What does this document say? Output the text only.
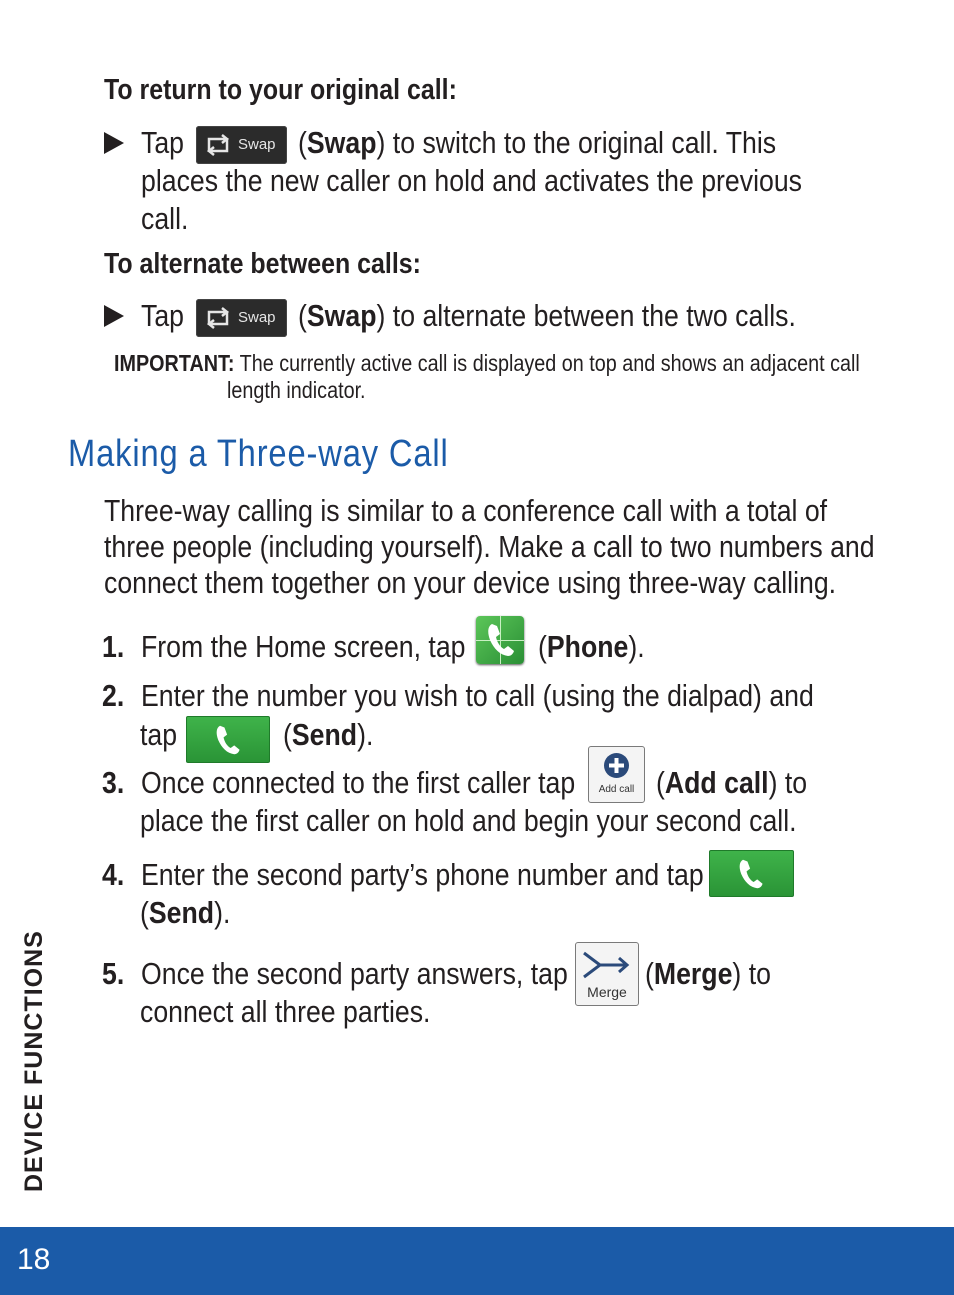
To return to your original call:
Tap	Swap (Swap) to switch to the original call. This
places the new caller on hold and activates the previous
call.
To alternate between calls:
Tap	Swap (Swap) to alternate between the two calls.
IMPORTANT: The currently active call is displayed on top and shows an adjacent call
length indicator.
Making a Three-way Call
Three-way calling is similar to a conference call with a total of
three people (including yourself). Make a call to two numbers and
connect them together on your device using three-way calling.
1. From the Home screen, tap	(Phone).
2. Enter the number you wish to call (using the dialpad) and
tap	(Send).
3. Once connected to the first caller tap	Add call (Add call) to
place the first caller on hold and begin your second call.
4. Enter the second party’s phone number and tap
(Send).
5. Once the second party answers, tap
Merge
(Merge) to
connect all three parties.
DEVICE FUNCTIONS
18
